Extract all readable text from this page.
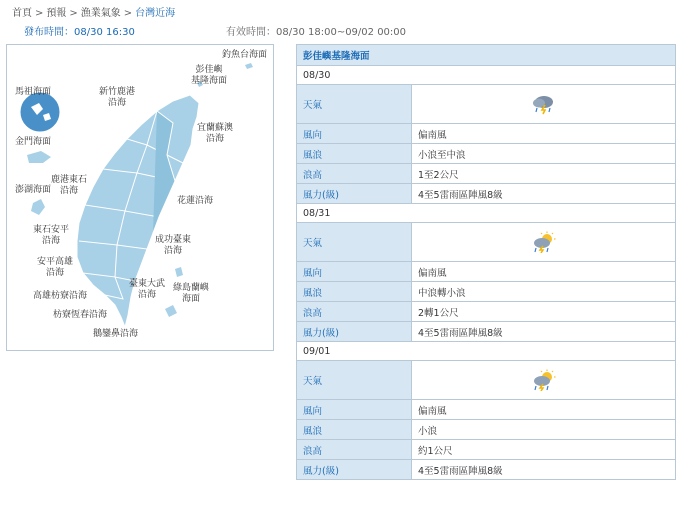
首頁 > 預報 > 漁業氣象 > 台灣近海
發布時間：08/30 16:30	有效時間：08/30 18:00~09/02 00:00
釣魚台海面
彭佳嶼
基隆海面
馬祖海面	新竹鹿港
沿海
宜蘭蘇澳
沿海
金門海面
鹿港東石
沿海
澎湖海面
花蓮沿海
東石安平
沿海	成功臺東
沿海
安平高雄
沿海
臺東大武
沿海
綠島蘭嶼
海面
高雄枋寮沿海
枋寮恆春沿海
鵝鑾鼻沿海
彭佳嶼基隆海面	
08/30	
天氣	

風向	偏南風
風浪	小浪至中浪
浪高	1至2公尺
風力(級)	4至5雷雨區陣風8級
08/31	
天氣	

風向	偏南風
風浪	中浪轉小浪
浪高	2轉1公尺
風力(級)	4至5雷雨區陣風8級
09/01	
天氣	

風向	偏南風
風浪	小浪
浪高	約1公尺
風力(級)	4至5雷雨區陣風8級
